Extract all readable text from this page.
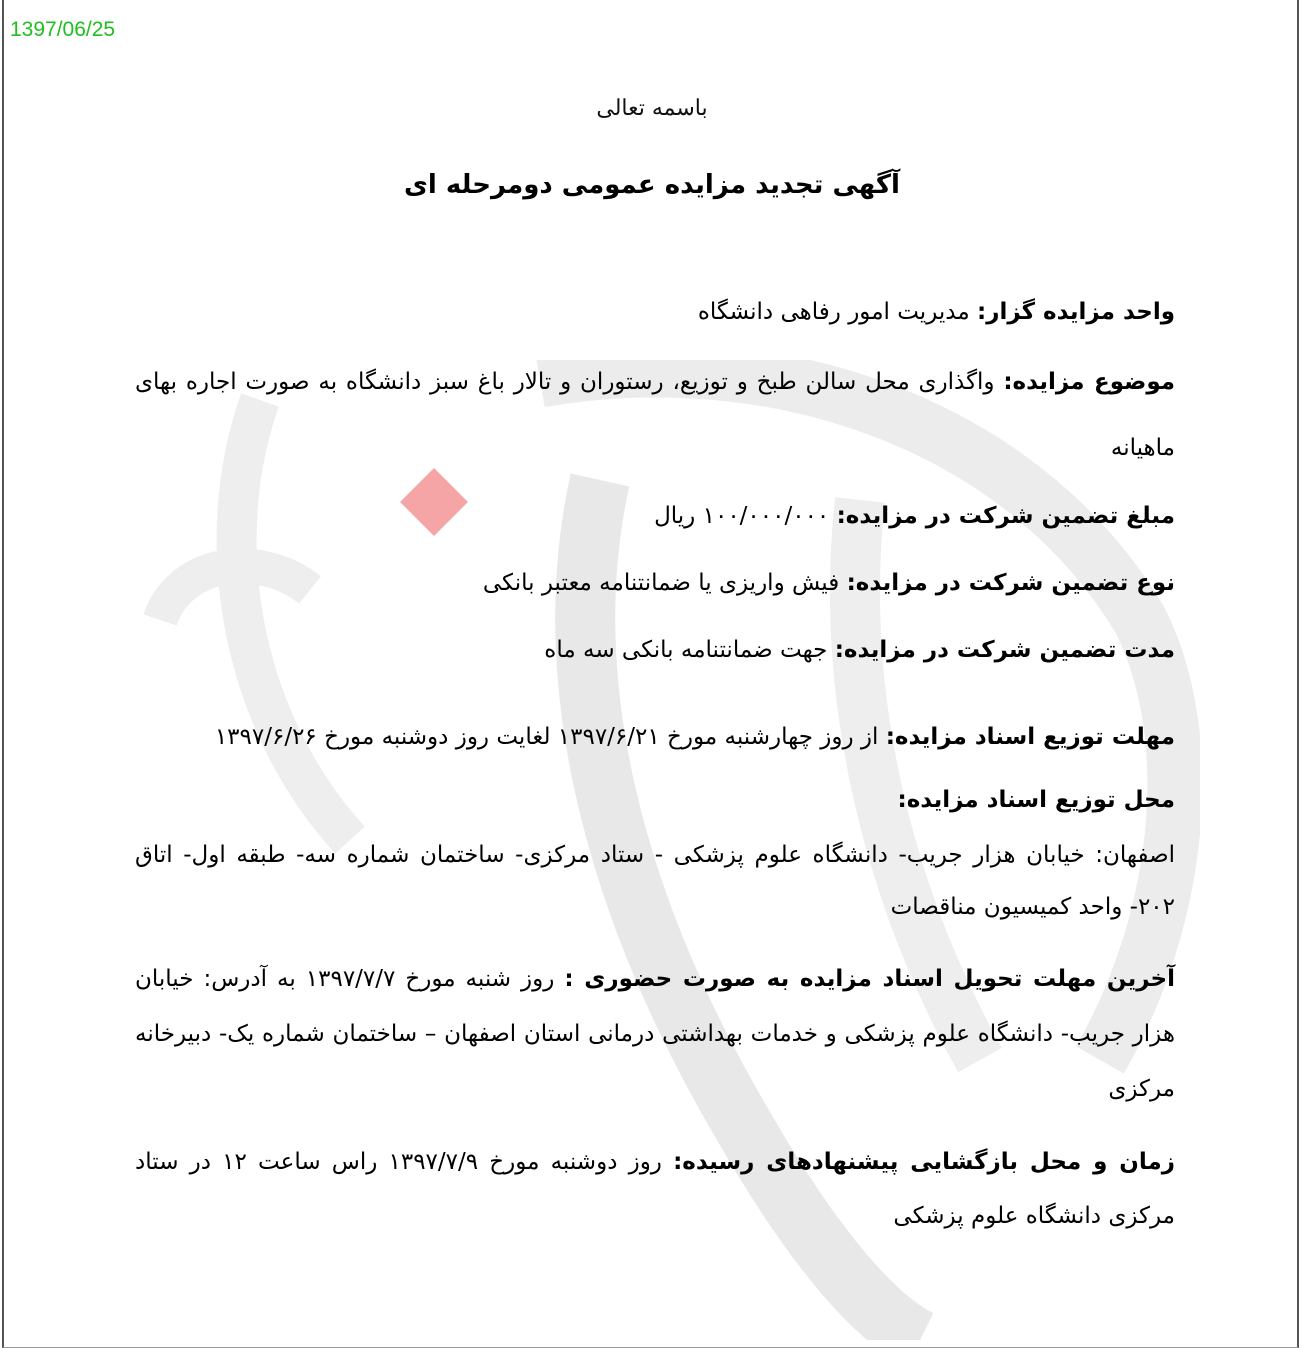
1397/06/25
باسمه تعالی
آگهی تجدید مزایده عمومی دومرحله ای
واحد مزایده گزار: مدیریت امور رفاهی دانشگاه
موضوع مزایده: واگذاری محل سالن طبخ و توزیع، رستوران و تالار باغ سبز دانشگاه به صورت اجاره بهای ماهیانه
مبلغ تضمین شرکت در مزایده: ۱۰۰/۰۰۰/۰۰۰ ریال
نوع تضمین شرکت در مزایده: فیش واریزی یا ضمانتنامه معتبر بانکی
مدت تضمین شرکت در مزایده: جهت ضمانتنامه بانکی سه ماه
مهلت توزیع اسناد مزایده: از روز چهارشنبه مورخ ۱۳۹۷/۶/۲۱ لغایت روز دوشنبه مورخ ۱۳۹۷/۶/۲۶
محل توزیع اسناد مزایده:
اصفهان: خیابان هزار جریب- دانشگاه علوم پزشکی - ستاد مرکزی- ساختمان شماره سه- طبقه اول- اتاق ۲۰۲- واحد کمیسیون مناقصات
آخرین مهلت تحویل اسناد مزایده به صورت حضوری : روز شنبه مورخ ۱۳۹۷/۷/۷ به آدرس: خیابان هزار جریب- دانشگاه علوم پزشکی و خدمات بهداشتی درمانی استان اصفهان – ساختمان شماره یک- دبیرخانه مرکزی
زمان و محل بازگشایی پیشنهادهای رسیده: روز دوشنبه مورخ ۱۳۹۷/۷/۹ راس ساعت ۱۲ در ستاد مرکزی دانشگاه علوم پزشکی
